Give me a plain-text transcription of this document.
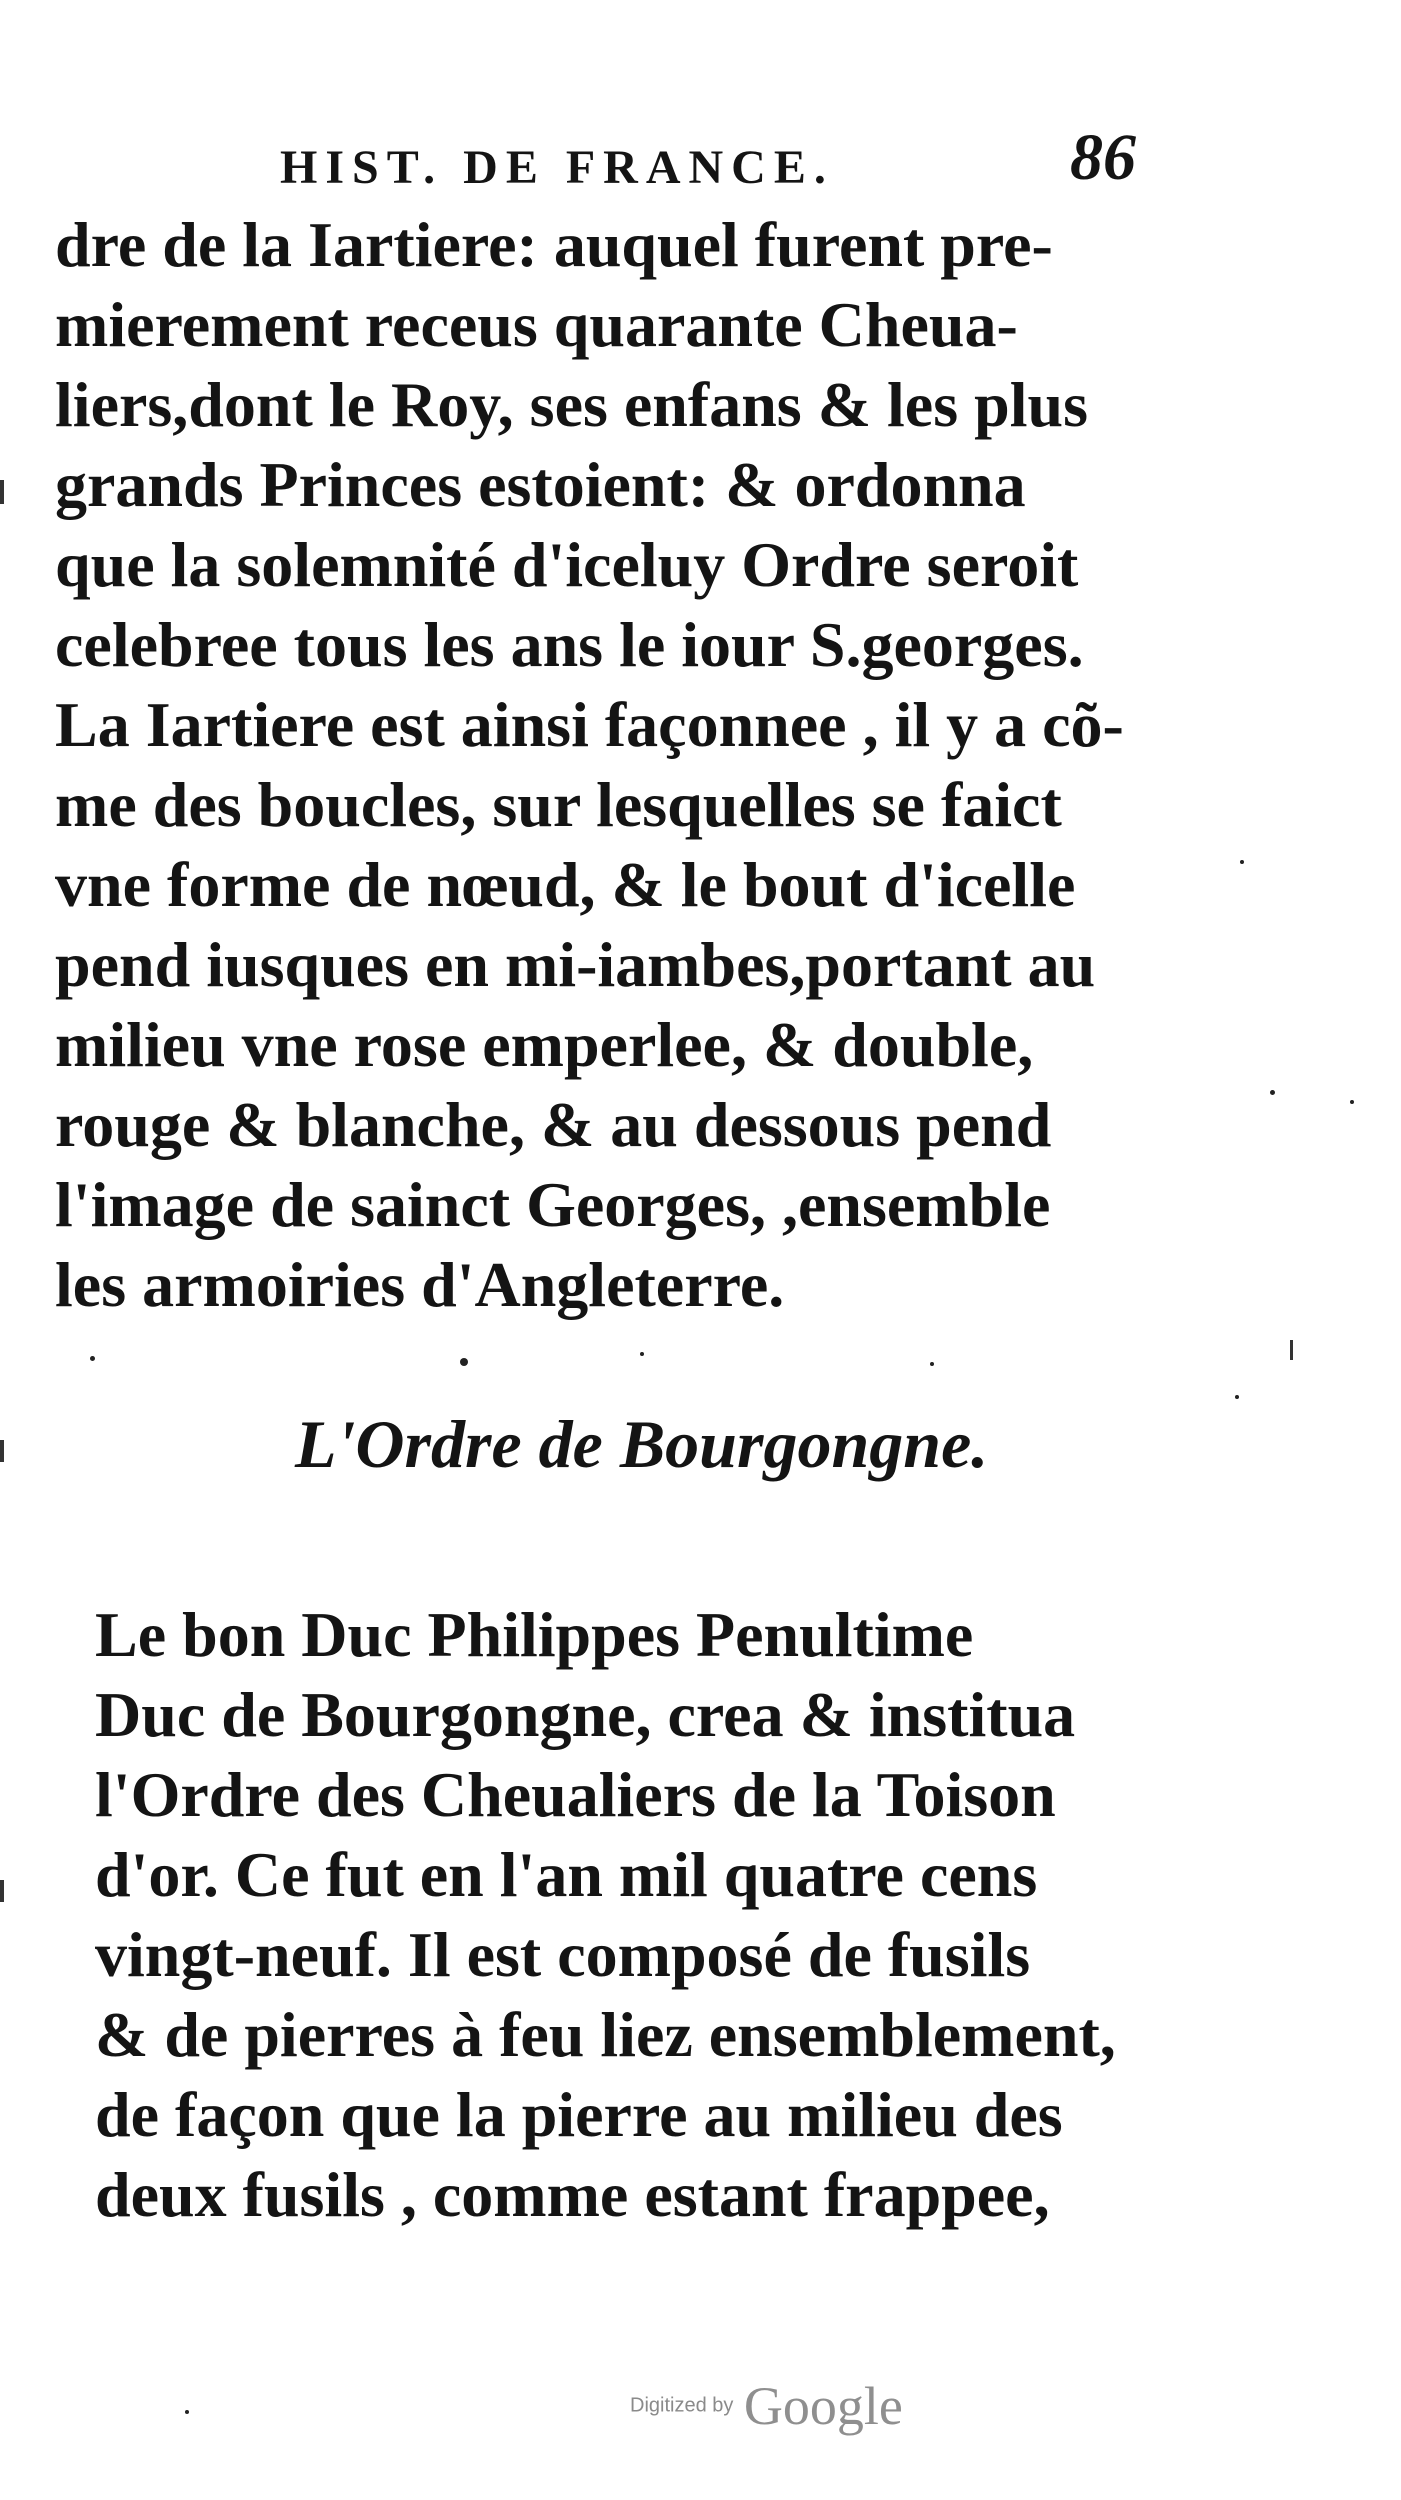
HIST. DE FRANCE.	86
dre de la Iartiere: auquel furent pre-
mierement receus quarante Cheua-
liers,dont le Roy, ses enfans & les plus
grands Princes estoient: & ordonna
que la solemnité d'iceluy Ordre seroit
celebree tous les ans le iour S.georges.
La Iartiere est ainsi façonnee , il y a cõ-
me des boucles, sur lesquelles se faict
vne forme de nœud, & le bout d'icelle
pend iusques en mi-iambes,portant au
milieu vne rose emperlee, & double,
rouge & blanche, & au dessous pend
l'image de sainct Georges, ,ensemble
les armoiries d'Angleterre.
L'Ordre de Bourgongne.
Le bon Duc Philippes Penultime
Duc de Bourgongne, crea & institua
l'Ordre des Cheualiers de la Toison
d'or. Ce fut en l'an mil quatre cens
vingt-neuf. Il est composé de fusils
& de pierres à feu liez ensemblement,
de façon que la pierre au milieu des
deux fusils , comme estant frappee,
Digitized by Google
